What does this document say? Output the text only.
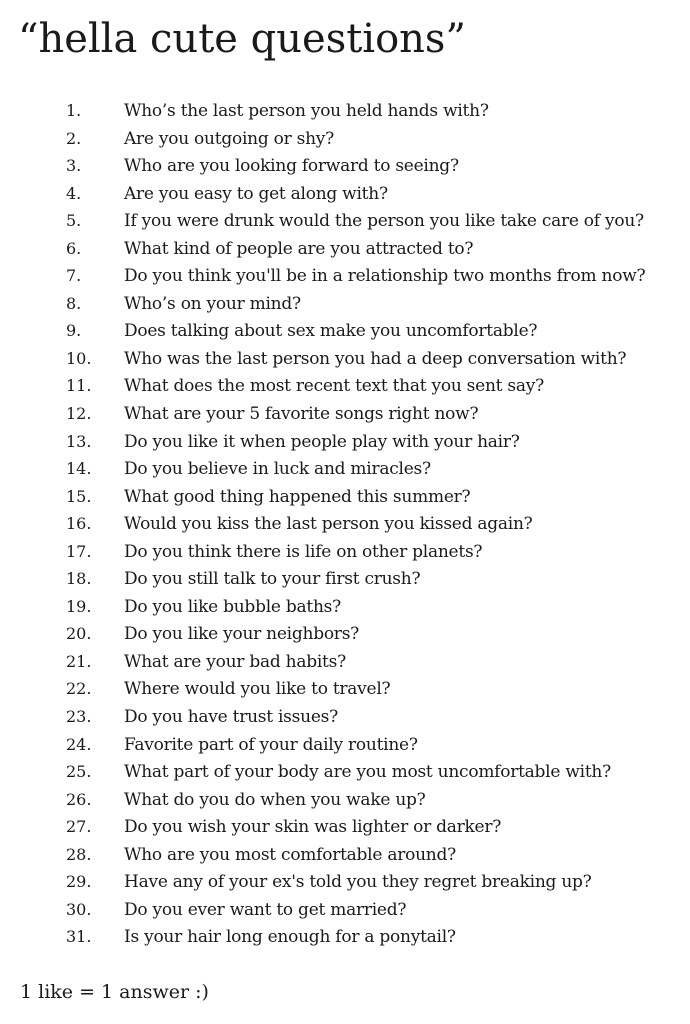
“hella cute questions”
1.	Who’s the last person you held hands with?
2.	Are you outgoing or shy?
3.	Who are you looking forward to seeing?
4.	Are you easy to get along with?
5.	If you were drunk would the person you like take care of you?
6.	What kind of people are you attracted to?
7.	Do you think you'll be in a relationship two months from now?
8.	Who’s on your mind?
9.	Does talking about sex make you uncomfortable?
10.	Who was the last person you had a deep conversation with?
11.	What does the most recent text that you sent say?
12.	What are your 5 favorite songs right now?
13.	Do you like it when people play with your hair?
14.	Do you believe in luck and miracles?
15.	What good thing happened this summer?
16.	Would you kiss the last person you kissed again?
17.	Do you think there is life on other planets?
18.	Do you still talk to your first crush?
19.	Do you like bubble baths?
20.	Do you like your neighbors?
21.	What are your bad habits?
22.	Where would you like to travel?
23.	Do you have trust issues?
24.	Favorite part of your daily routine?
25.	What part of your body are you most uncomfortable with?
26.	What do you do when you wake up?
27.	Do you wish your skin was lighter or darker?
28.	Who are you most comfortable around?
29.	Have any of your ex's told you they regret breaking up?
30.	Do you ever want to get married?
31.	Is your hair long enough for a ponytail?

1 like = 1 answer :)
